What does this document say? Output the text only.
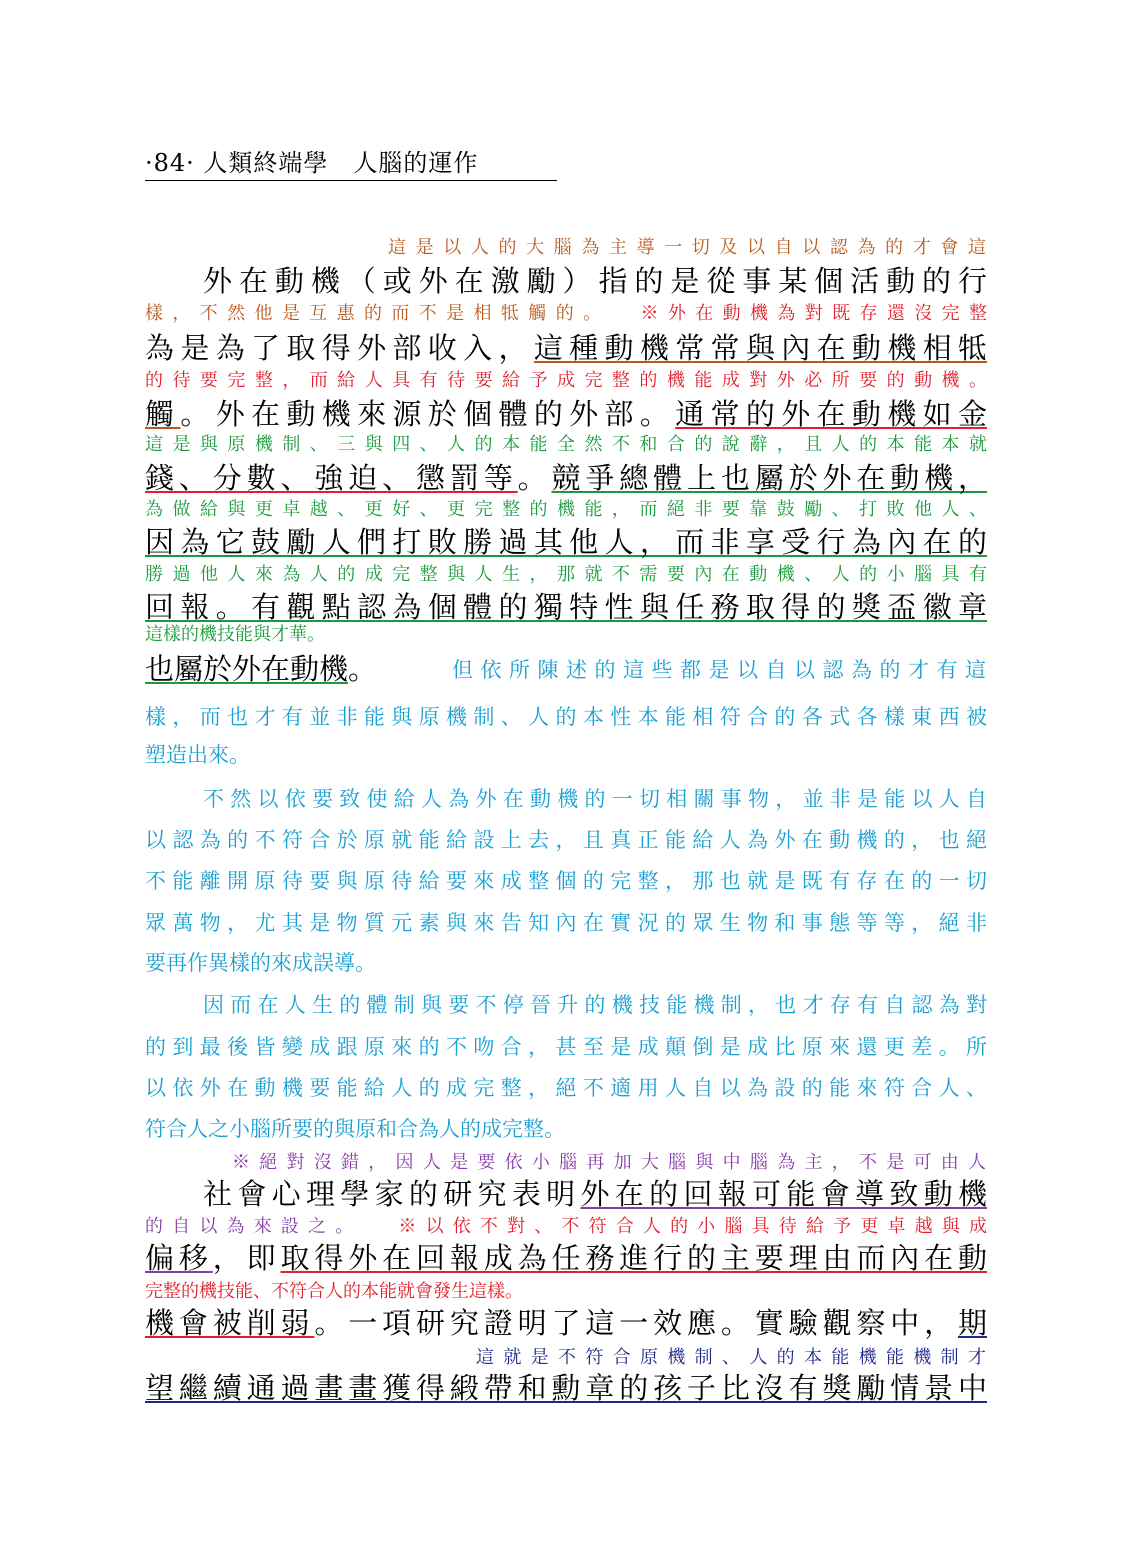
·84· 人類終端學　人腦的運作
這是以人的大腦為主導一切及以自以認為的才會這
外在動機（或外在激勵）指的是從事某個活動的行
樣，不然他是互惠的而不是相牴觸的。 ※外在動機為對既存還沒完整
為是為了取得外部收入，這種動機常常與內在動機相牴
的待要完整，而給人具有待要給予成完整的機能成對外必所要的動機。
觸。外在動機來源於個體的外部。通常的外在動機如金
這是與原機制、三與四、人的本能全然不和合的說辭，且人的本能本就
錢、分數、強迫、懲罰等。競爭總體上也屬於外在動機，
為做給與更卓越、更好、更完整的機能，而絕非要靠鼓勵、打敗他人、
因為它鼓勵人們打敗勝過其他人，而非享受行為內在的
勝過他人來為人的成完整與人生，那就不需要內在動機、人的小腦具有
回報。有觀點認為個體的獨特性與任務取得的獎盃徽章
這樣的機技能與才華。
也屬於外在動機。	但依所陳述的這些都是以自以認為的才有這
樣，而也才有並非能與原機制、人的本性本能相符合的各式各樣東西被
塑造出來。
不然以依要致使給人為外在動機的一切相關事物，並非是能以人自
以認為的不符合於原就能給設上去，且真正能給人為外在動機的，也絕
不能離開原待要與原待給要來成整個的完整，那也就是既有存在的一切
眾萬物，尤其是物質元素與來告知內在實況的眾生物和事態等等，絕非
要再作異樣的來成誤導。
因而在人生的體制與要不停晉升的機技能機制，也才存有自認為對
的到最後皆變成跟原來的不吻合，甚至是成顛倒是成比原來還更差。所
以依外在動機要能給人的成完整，絕不適用人自以為設的能來符合人、
符合人之小腦所要的與原和合為人的成完整。
※絕對沒錯，因人是要依小腦再加大腦與中腦為主，不是可由人
社會心理學家的研究表明外在的回報可能會導致動機
的自以為來設之。 ※以依不對、不符合人的小腦具待給予更卓越與成
偏移，即取得外在回報成為任務進行的主要理由而內在動
完整的機技能、不符合人的本能就會發生這樣。
機會被削弱。一項研究證明了這一效應。實驗觀察中，期
這就是不符合原機制、人的本能機能機制才
望繼續通過畫畫獲得緞帶和勳章的孩子比沒有獎勵情景中
